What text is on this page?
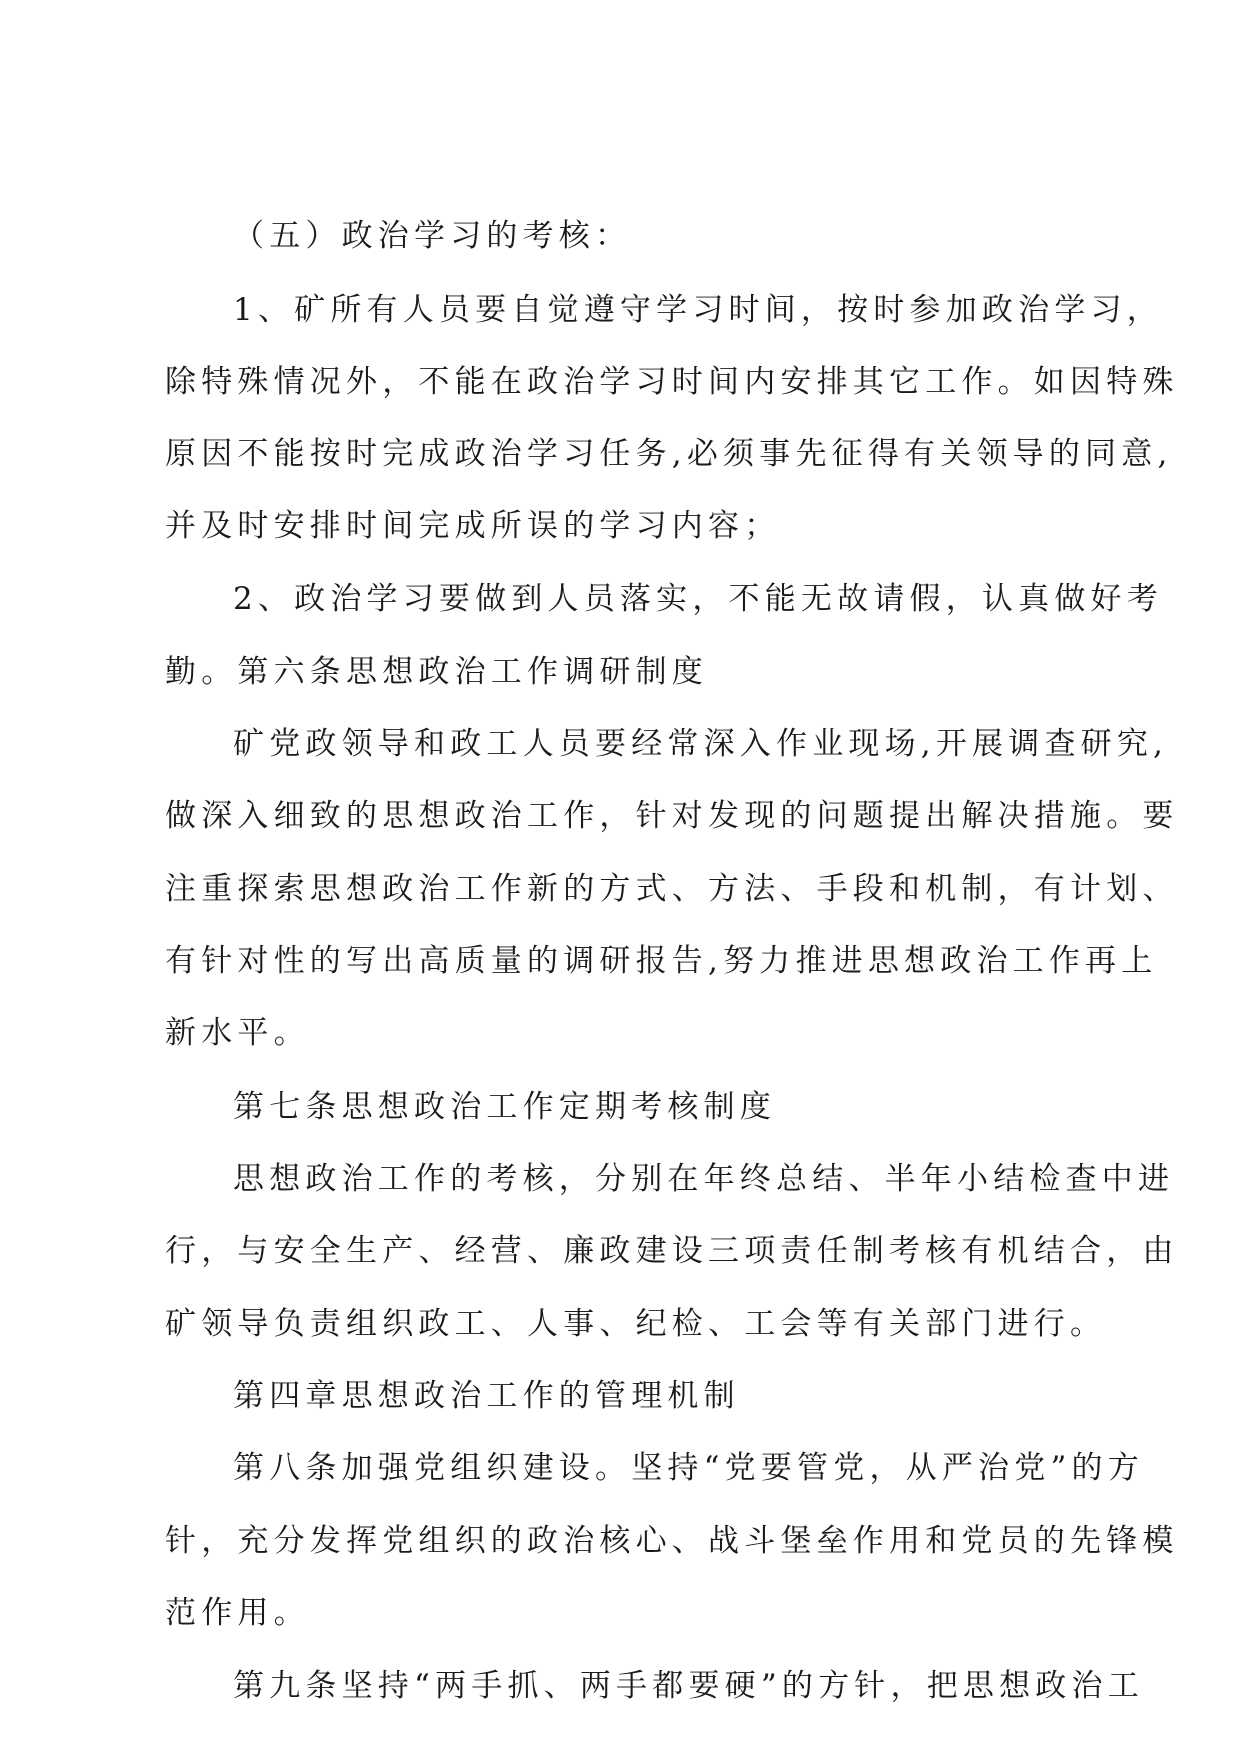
（五）政治学习的考核：
1、矿所有人员要自觉遵守学习时间，按时参加政治学习，
除特殊情况外，不能在政治学习时间内安排其它工作。如因特殊
原因不能按时完成政治学习任务,必须事先征得有关领导的同意,
并及时安排时间完成所误的学习内容；
2、政治学习要做到人员落实，不能无故请假，认真做好考
勤。第六条思想政治工作调研制度
矿党政领导和政工人员要经常深入作业现场,开展调查研究,
做深入细致的思想政治工作，针对发现的问题提出解决措施。要
注重探索思想政治工作新的方式、方法、手段和机制，有计划、
有针对性的写出高质量的调研报告,努力推进思想政治工作再上
新水平。
第七条思想政治工作定期考核制度
思想政治工作的考核，分别在年终总结、半年小结检查中进
行，与安全生产、经营、廉政建设三项责任制考核有机结合，由
矿领导负责组织政工、人事、纪检、工会等有关部门进行。
第四章思想政治工作的管理机制
第八条加强党组织建设。坚持“党要管党，从严治党”的方
针，充分发挥党组织的政治核心、战斗堡垒作用和党员的先锋模
范作用。
第九条坚持“两手抓、两手都要硬”的方针，把思想政治工
